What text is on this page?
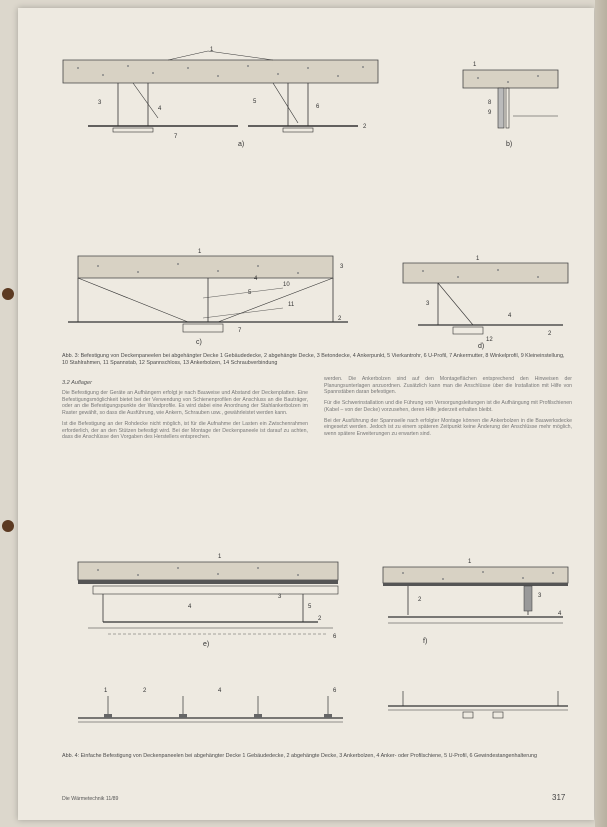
1
2
3
4
5
6
7
a)
1
8
9
b)
1
2
3
4
5
7
10
11
c)
1
2
3
4
12
d)
Abb. 3: Befestigung von Deckenpaneelen bei abgehängter Decke 1 Gebäudedecke, 2 abgehängte Decke, 3 Betondecke, 4 Ankerpunkt, 5 Vierkantrohr, 6 U-Profil, 7 Ankermutter, 8 Winkelprofil, 9 Kleineinstellung, 10 Stahlrahmen, 11 Spannstab, 12 Spannschloss, 13 Ankerbolzen, 14 Schraubverbindung
3.2 Auflager

Die Befestigung der Geräte an Aufhängern erfolgt je nach Bauweise und Abstand der Deckenplatten. Eine Befestigungsmöglichkeit bietet bei der Verwendung von Schienenprofilen der Anschluss an die Bauträger, oder an die Befestigungspunkte der Wandprofile. Es wird dabei eine Anordnung der Stahlankerbolzen im Raster gewählt, so dass die Ausführung, wie Ankern, Schrauben usw., gewährleistet werden kann.

Ist die Befestigung an der Rohdecke nicht möglich, ist für die Aufnahme der Lasten ein Zwischenrahmen erforderlich, der an den Stützen befestigt wird. Bei der Montage der Deckenpaneele ist darauf zu achten, dass die Anschlüsse den Vorgaben des Herstellers entsprechen.

werden. Die Ankerbolzen sind auf den Montageflächen entsprechend den Hinweisen der Planungsunterlagen anzuordnen. Zusätzlich kann man die Anschlüsse über die Installation mit Hilfe von Spannstäben daran befestigen.

Für die Schwerinstallation und die Führung von Versorgungsleitungen ist die Aufhängung mit Profilschienen (Kabel – von der Decke) vorzusehen, deren Hilfe jederzeit erhalten bleibt.

Bei der Ausführung der Spannseile nach erfolgter Montage können die Ankerbolzen in die Bauwerksdecke eingesetzt werden. Jedoch ist zu einem späteren Zeitpunkt keine Änderung der Anschlüsse mehr möglich, wenn spätere Erweiterungen zu erwarten sind.

1
2
3
4	5
6
e)
1
2
3
4
f)
1	2	4	6
Abb. 4: Einfache Befestigung von Deckenpaneelen bei abgehängter Decke 1 Gebäudedecke, 2 abgehängte Decke, 3 Ankerbolzen, 4 Anker- oder Profilschiene, 5 U-Profil, 6 Gewindestangenhalterung
Die Wärmetechnik 11/89	317
